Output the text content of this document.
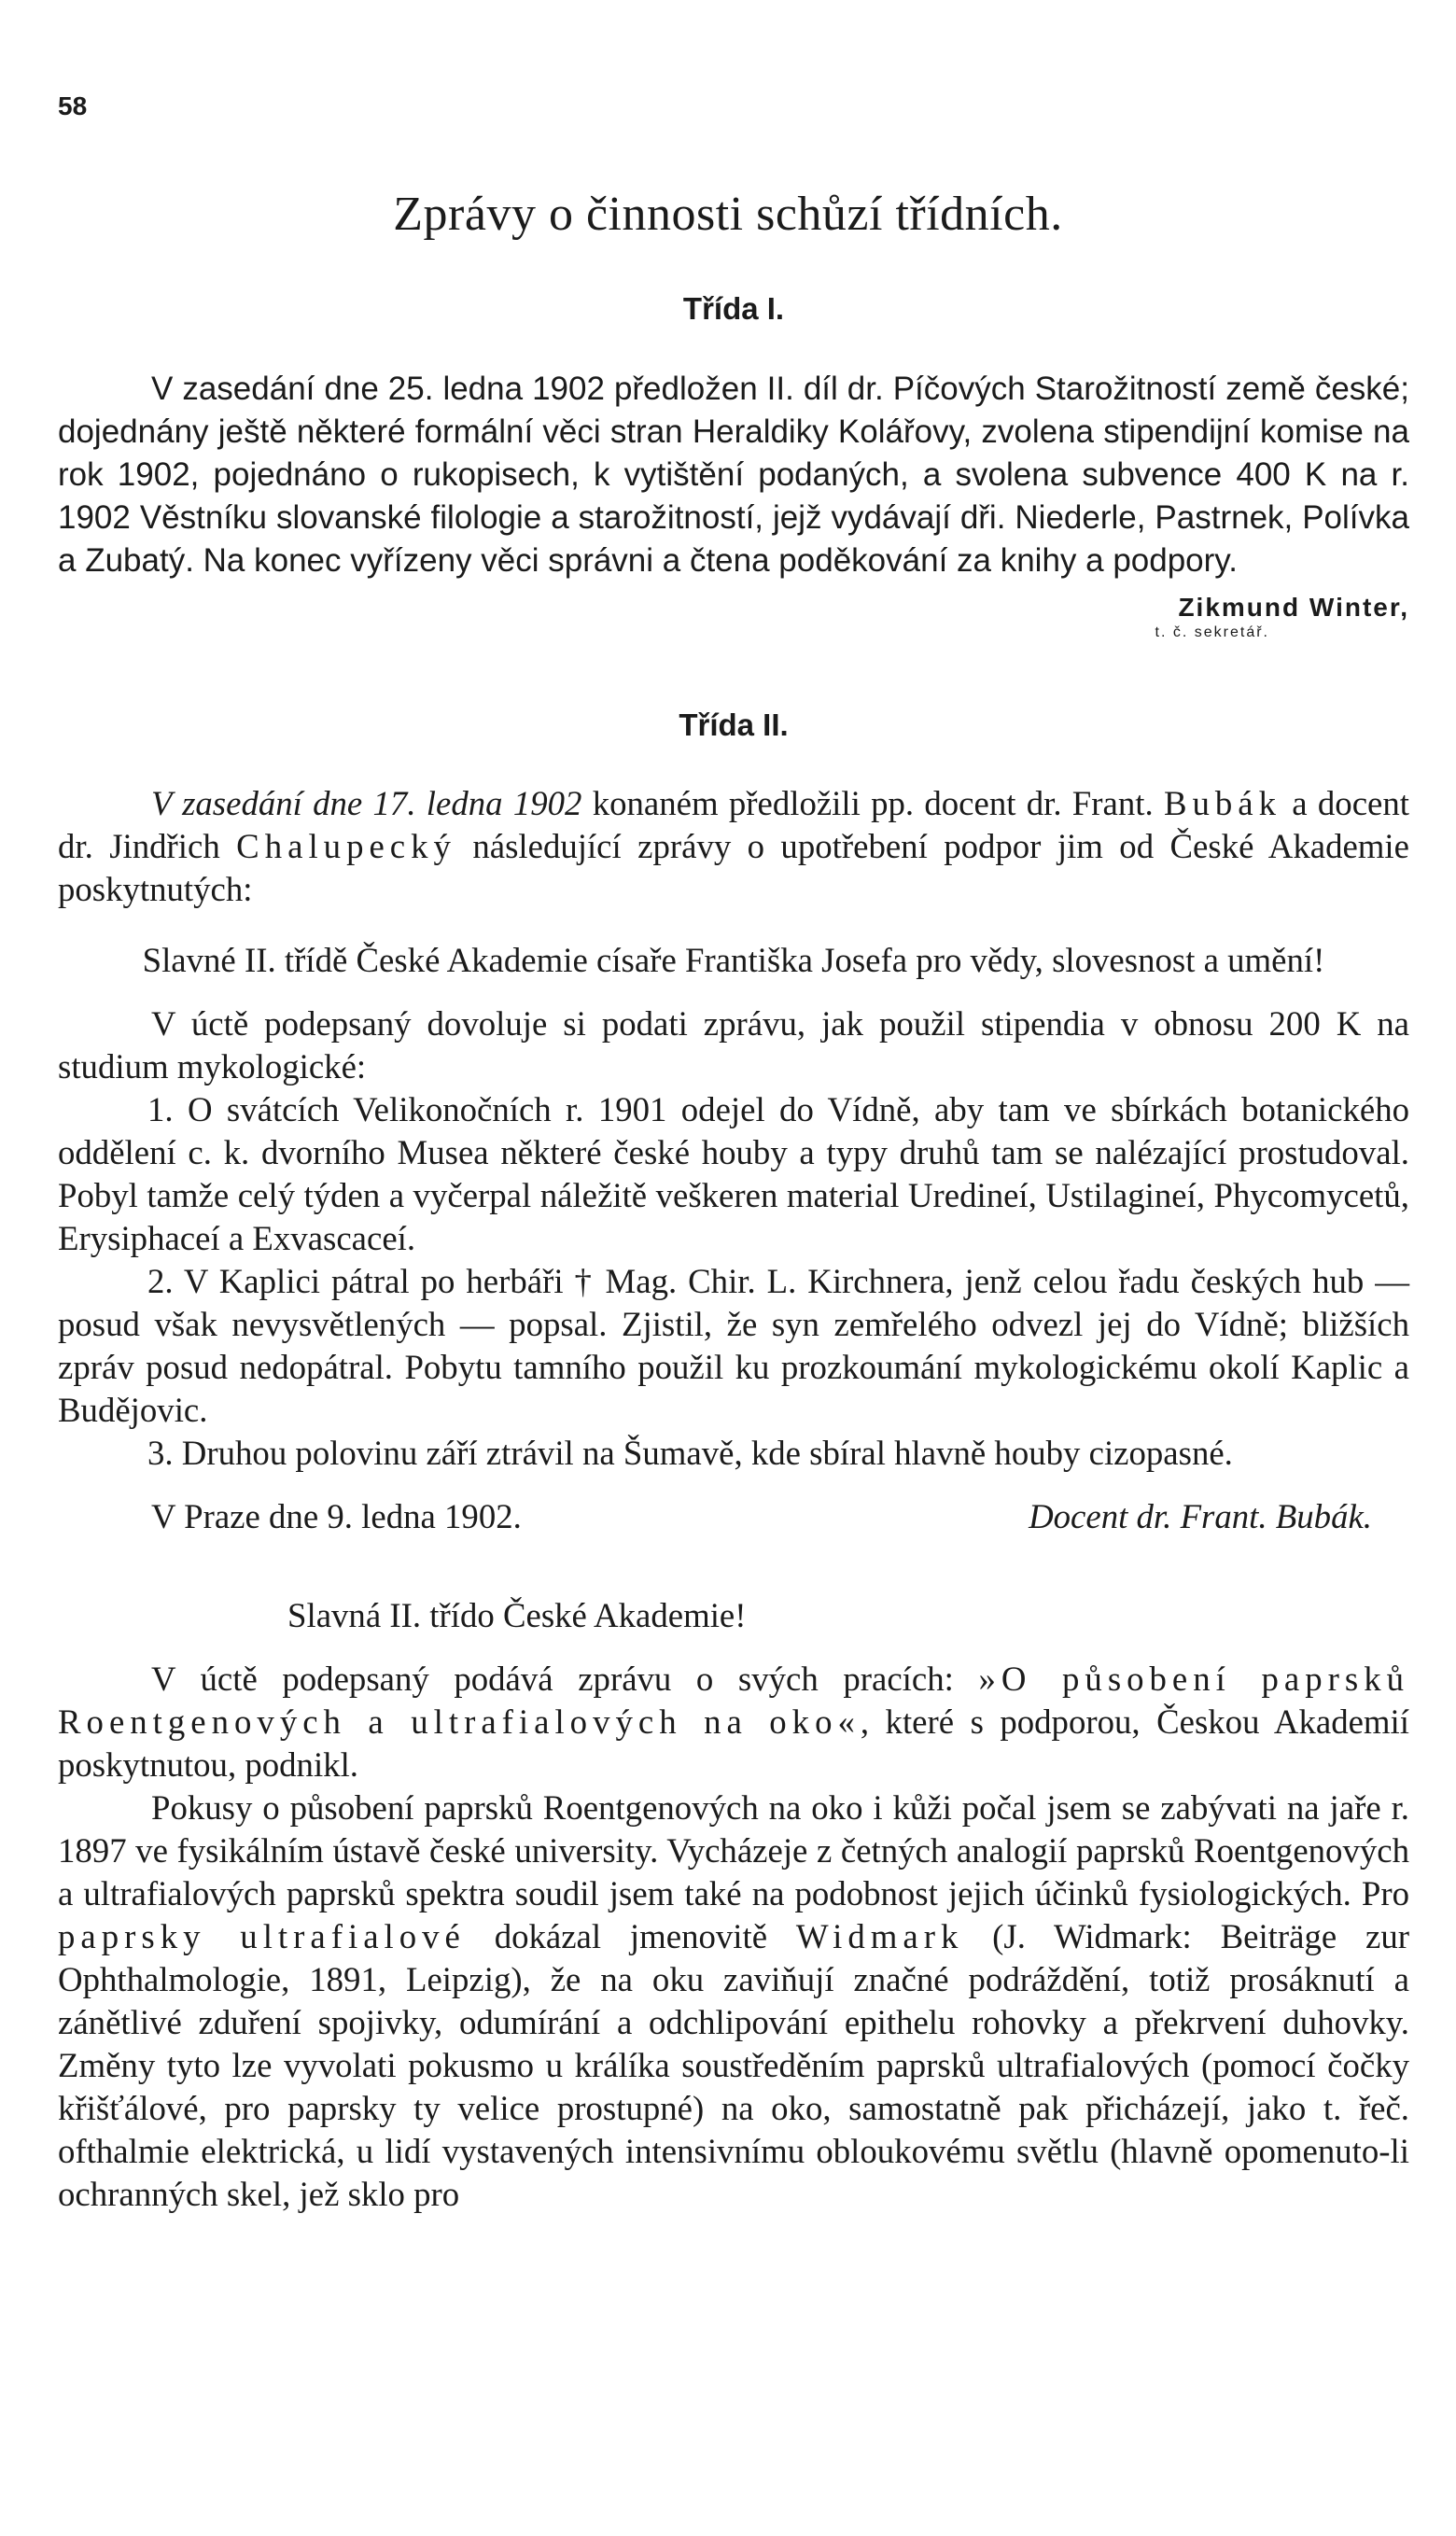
58
Zprávy o činnosti schůzí třídních.
Třída I.

V zasedání dne 25. ledna 1902 předložen II. díl dr. Píčových Starožitností země české; dojednány ještě některé formální věci stran Heraldiky Kolářovy, zvolena stipendijní komise na rok 1902, pojednáno o rukopisech, k vytištění podaných, a svolena subvence 400 K na r. 1902 Věstníku slovanské filologie a starožitností, jejž vydávají dři. Niederle, Pastrnek, Polívka a Zubatý. Na konec vyřízeny věci správni a čtena poděkování za knihy a podpory.

Zikmund Winter,
t. č. sekretář.
Třída II.

V zasedání dne 17. ledna 1902 konaném předložili pp. docent dr. Frant. Bubák a docent dr. Jindřich Chalupecký následující zprávy o upotřebení podpor jim od České Akademie poskytnutých:

Slavné II. třídě České Akademie císaře Františka Josefa pro vědy, slovesnost a umění!

V úctě podepsaný dovoluje si podati zprávu, jak použil stipendia v obnosu 200 K na studium mykologické:

1. O svátcích Velikonočních r. 1901 odejel do Vídně, aby tam ve sbírkách botanického oddělení c. k. dvorního Musea některé české houby a typy druhů tam se nalézající prostudoval. Pobyl tamže celý týden a vyčerpal náležitě veškeren material Uredineí, Ustilagineí, Phycomycetů, Erysiphaceí a Exvascaceí.

2. V Kaplici pátral po herbáři † Mag. Chir. L. Kirchnera, jenž celou řadu českých hub — posud však nevysvětlených — popsal. Zjistil, že syn zemřelého odvezl jej do Vídně; bližších zpráv posud nedopátral. Pobytu tamního použil ku prozkoumání mykologickému okolí Kaplic a Budějovic.

3. Druhou polovinu září ztrávil na Šumavě, kde sbíral hlavně houby cizopasné.

V Praze dne 9. ledna 1902.	Docent dr. Frant. Bubák.

Slavná II. třído České Akademie!

V úctě podepsaný podává zprávu o svých pracích: »O působení paprsků Roentgenových a ultrafialových na oko«, které s podporou, Českou Akademií poskytnutou, podnikl.

Pokusy o působení paprsků Roentgenových na oko i kůži počal jsem se zabývati na jaře r. 1897 ve fysikálním ústavě české university. Vycházeje z četných analogií paprsků Roentgenových a ultrafialových paprsků spektra soudil jsem také na podobnost jejich účinků fysiologických. Pro paprsky ultrafialové dokázal jmenovitě Widmark (J. Widmark: Beiträge zur Ophthalmologie, 1891, Leipzig), že na oku zaviňují značné podráždění, totiž prosáknutí a zánětlivé zduření spojivky, odumírání a odchlipování epithelu rohovky a překrvení duhovky. Změny tyto lze vyvolati pokusmo u králíka soustředěním paprsků ultrafialových (pomocí čočky křišťálové, pro paprsky ty velice prostupné) na oko, samostatně pak přicházejí, jako t. řeč. ofthalmie elektrická, u lidí vystavených intensivnímu obloukovému světlu (hlavně opomenuto-li ochranných skel, jež sklo pro
